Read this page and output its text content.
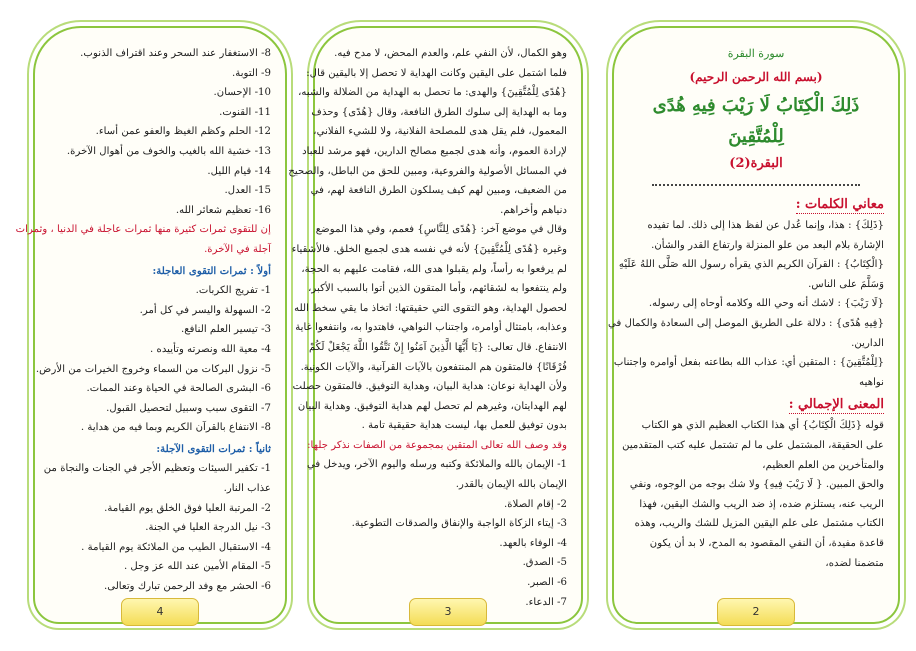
8- الاستغفار عند السحر وعند اقتراف الذنوب.
9- التوبة.
10- الإحسان.
11- القنوت.
12- الحلم وكظم الغيظ والعفو عمن أساء.
13- خشية الله بالغيب والخوف من أهوال الآخرة.
14- قيام الليل.
15- العدل.
16- تعظيم شعائر الله.
إن للتقوى ثمرات كثيرة منها ثمرات عاجلة في الدنيا ، وثمرات
آجلة في الآخرة.
أولاً : ثمرات التقوى العاجلة:
1- تفريج الكربات.
2- السهولة واليسر في كل أمر.
3- تيسير العلم النافع.
4- معية الله ونصرته وتأييده .
5- نزول البركات من السماء وخروج الخيرات من الأرض.
6- البشرى الصالحة في الحياة وعند الممات.
7- التقوى سبب وسبيل لتحصيل القبول.
8- الانتفاع بالقرآن الكريم وبما فيه من هداية .
ثانياً : ثمرات التقوى الآجلة:
1- تكفير السيئات وتعظيم الأجر في الجنات والنجاة من
عذاب النار.
2- المرتبة العليا فوق الخلق يوم القيامة.
3- نيل الدرجة العليا في الجنة.
4- الاستقبال الطيب من الملائكة يوم القيامة .
5- المقام الأمين عند الله عز وجل .
6- الحشر مع وفد الرحمن تبارك وتعالى.
4
وهو الكمال، لأن النفي علم، والعدم المحض، لا مدح فيه.
فلما اشتمل على اليقين وكانت الهداية لا تحصل إلا باليقين قال:
{هُدًى لِلْمُتَّقِينَ} والهدى: ما تحصل به الهداية من الضلالة والشبه،
وما به الهداية إلى سلوك الطرق النافعة، وقال {هُدًى} وحذف
المعمول، فلم يقل هدى للمصلحة الفلانية، ولا للشيء الفلاني،
لإرادة العموم، وأنه هدى لجميع مصالح الدارين، فهو مرشد للعباد
في المسائل الأصولية والفروعية، ومبين للحق من الباطل، والصحيح
من الضعيف، ومبين لهم كيف يسلكون الطرق النافعة لهم، في
دنياهم وأخراهم.
وقال في موضع آخر: {هُدًى لِلنَّاسِ} فعمم، وفي هذا الموضع
وغيره {هُدًى لِلْمُتَّقِينَ} لأنه في نفسه هدى لجميع الخلق. فالأشقياء
لم يرفعوا به رأساً، ولم يقبلوا هدى الله، فقامت عليهم به الحجة،
ولم ينتفعوا به لشقائهم، وأما المتقون الذين أتوا بالسبب الأكبر،
لحصول الهداية، وهو التقوى التي حقيقتها: اتخاذ ما يقي سخط الله
وعذابه، بامتثال أوامره، واجتناب النواهي، فاهتدوا به، وانتفعوا غاية
الانتفاع. قال تعالى: {يَا أَيُّهَا الَّذِينَ آمَنُوا إِنْ تَتَّقُوا اللَّهَ يَجْعَلْ لَكُمْ
فُرْقَانًا} فالمتقون هم المنتفعون بالآيات القرآنية، والآيات الكونية.
ولأن الهداية نوعان: هداية البيان، وهداية التوفيق. فالمتقون حصلت
لهم الهدايتان، وغيرهم لم تحصل لهم هداية التوفيق. وهداية البيان
بدون توفيق للعمل بها، ليست هداية حقيقية تامة .
وقد وصف الله تعالى المتقين بمجموعة من الصفات نذكر جلها:
1- الإيمان بالله والملائكة وكتبه ورسله واليوم الآخر، ويدخل في
الإيمان بالله الإيمان بالقدر.
2- إقام الصلاة.
3- إيتاء الزكاة الواجبة والإنفاق والصدقات التطوعية.
4- الوفاء بالعهد.
5- الصدق.
6- الصبر.
7- الدعاء.
3
سورة البقرة
(بسم الله الرحمن الرحيم)
ذَلِكَ الْكِتَابُ لَا رَيْبَ فِيهِ هُدًى
لِلْمُتَّقِينَ
البقرة(2)
معاني الكلمات :
{ذَلِكَ} : هذا، وإنما عُدل عن لفظ هذا إلى ذلك. لما تفيده
الإشارة بلام البعد من علو المنزلة وارتفاع القدر والشأن.
{الْكِتَابُ} : القرآن الكريم الذي يقرأه رسول الله صَلَّى اللهُ عَلَيْهِ
وَسَلَّمَ على الناس.
{لَا رَيْبَ} : لاشك أنه وحي الله وكلامه أوحاه إلى رسوله.
{فِيهِ هُدًى} : دلالة على الطريق الموصل إلى السعادة والكمال في
الدارين.
{لِلْمُتَّقِينَ} : المتقين أي: عذاب الله بطاعته بفعل أوامره واجتناب
نواهيه
المعنى الإجمالي :
قوله {ذَلِكَ الْكِتَابُ} أي هذا الكتاب العظيم الذي هو الكتاب
على الحقيقة، المشتمل على ما لم تشتمل عليه كتب المتقدمين
والمتأخرين من العلم العظيم،
والحق المبين. { لَا رَيْبَ فِيهِ} ولا شك بوجه من الوجوه، ونفي
الريب عنه، يستلزم ضده، إذ ضد الريب والشك اليقين، فهذا
الكتاب مشتمل على علم اليقين المزيل للشك والريب، وهذه
قاعدة مفيدة، أن النفي المقصود به المدح، لا بد أن يكون
متضمنا لضده،
2
